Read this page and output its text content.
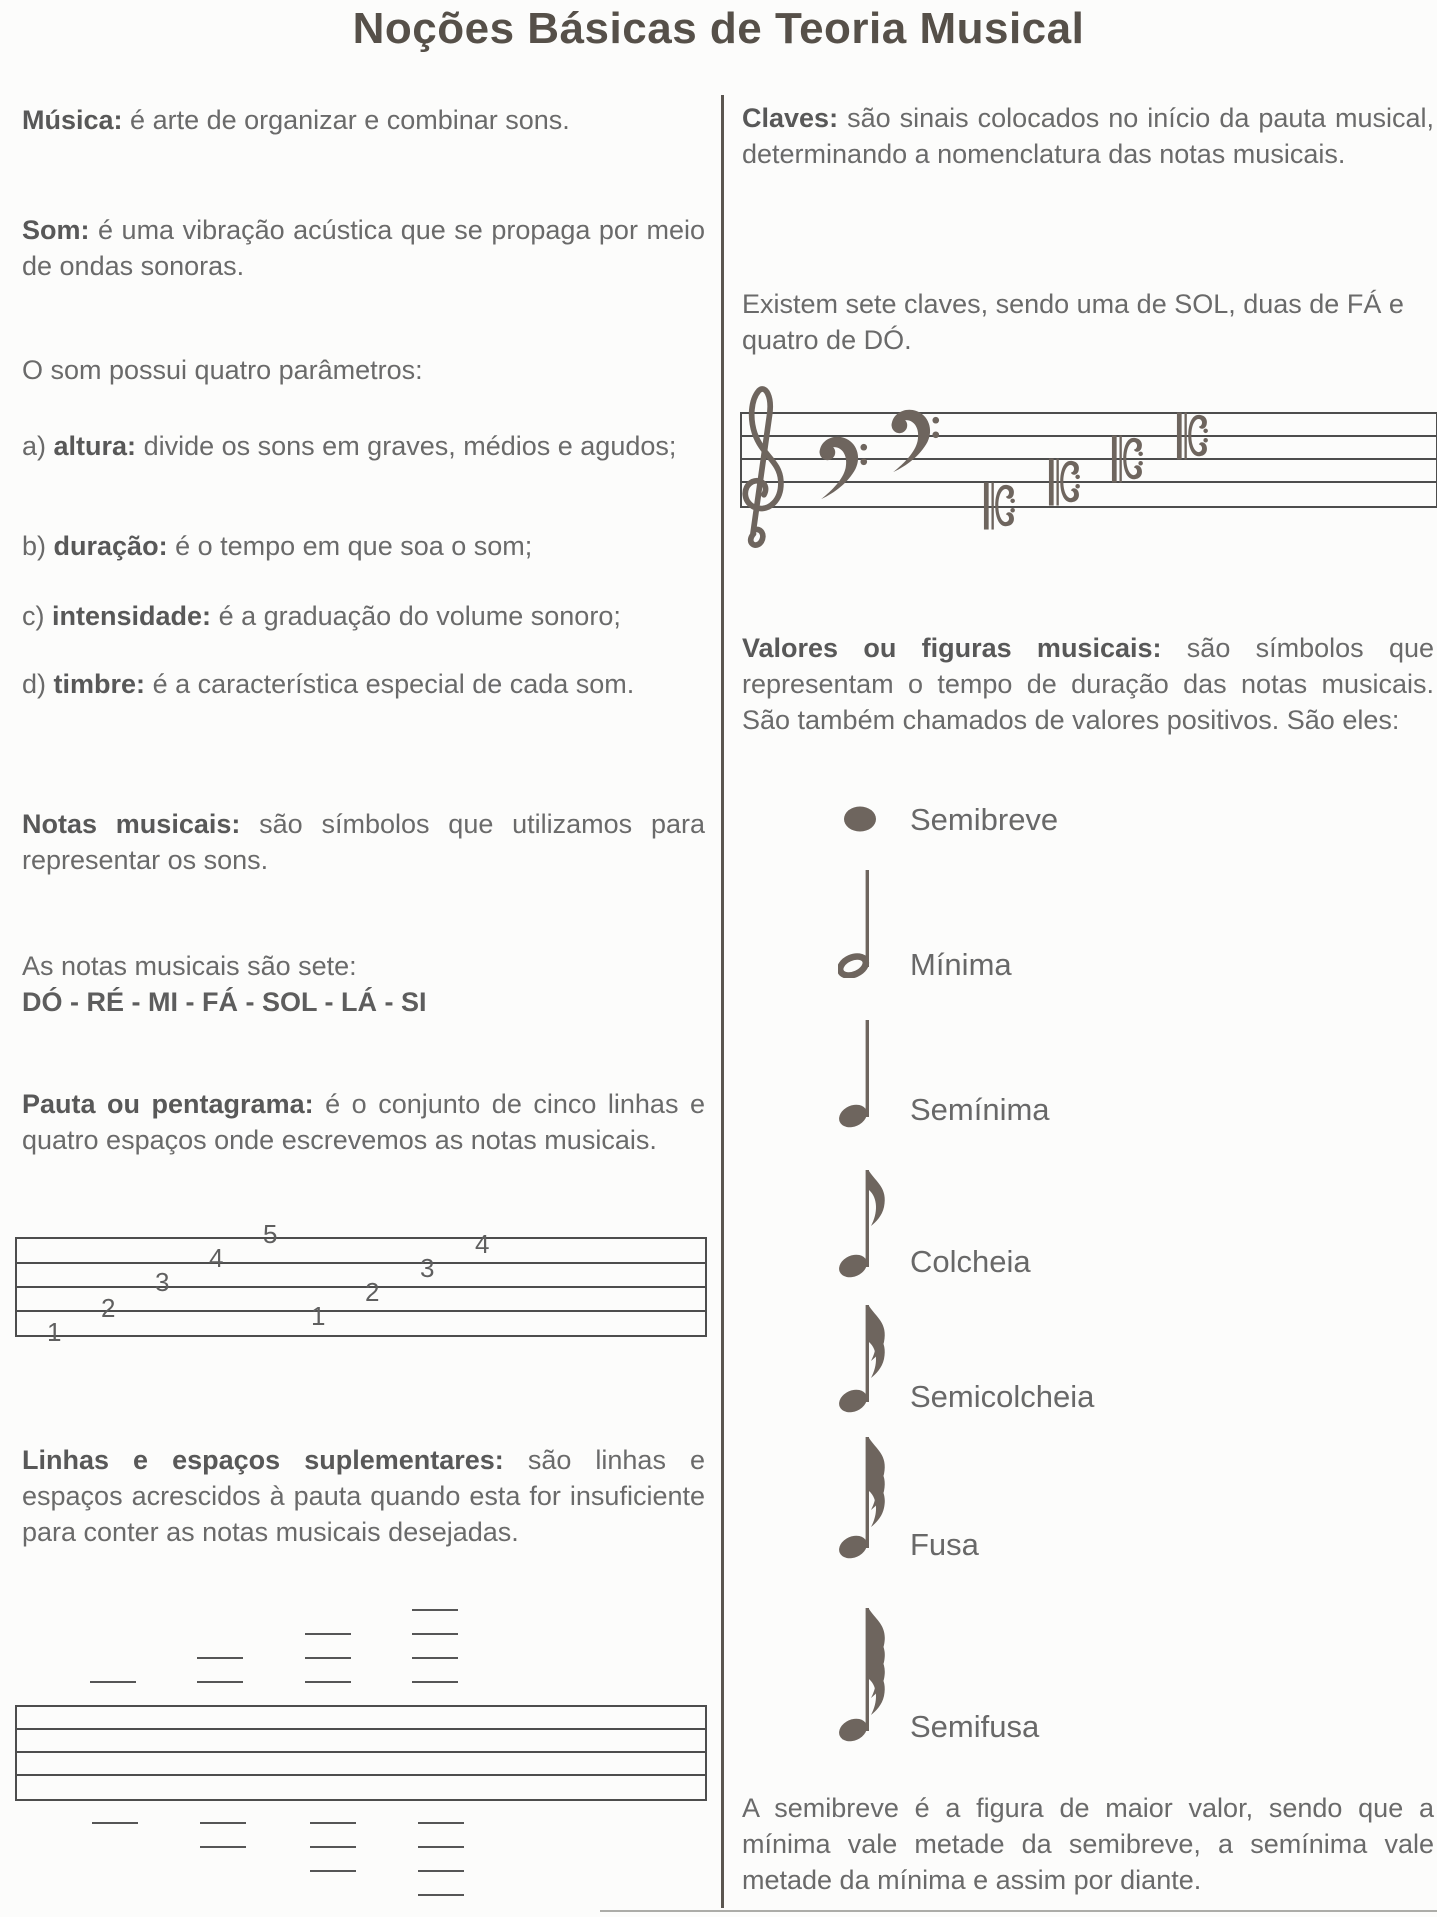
Noções Básicas de Teoria Musical

Música: é arte de organizar e combinar sons.

Som: é uma vibração acústica que se propaga por meio de ondas sonoras.

O som possui quatro parâmetros:

a) altura: divide os sons em graves, médios e agudos;

b) duração: é o tempo em que soa o som;

c) intensidade: é a graduação do volume sonoro;

d) timbre: é a característica especial de cada som.

Notas musicais: são símbolos que utilizamos para representar os sons.

As notas musicais são sete:
DÓ - RÉ - MI - FÁ - SOL - LÁ - SI

Pauta ou pentagrama: é o conjunto de cinco linhas e quatro espaços onde escrevemos as notas musicais.

1
2
3
4
5
1
2
3
4

Linhas e espaços suplementares: são linhas e espaços acrescidos à pauta quando esta for insuficiente para conter as notas musicais desejadas.

Claves: são sinais colocados no início da pauta musical, determinando a nomenclatura das notas musicais.

Existem sete claves, sendo uma de SOL, duas de FÁ e quatro de DÓ.

Valores ou figuras musicais: são símbolos que representam o tempo de duração das notas musicais. São também chamados de valores positivos. São eles:

Semibreve
Mínima
Semínima
Colcheia
Semicolcheia
Fusa
Semifusa

A semibreve é a figura de maior valor, sendo que a mínima vale metade da semibreve, a semínima vale metade da mínima e assim por diante.
